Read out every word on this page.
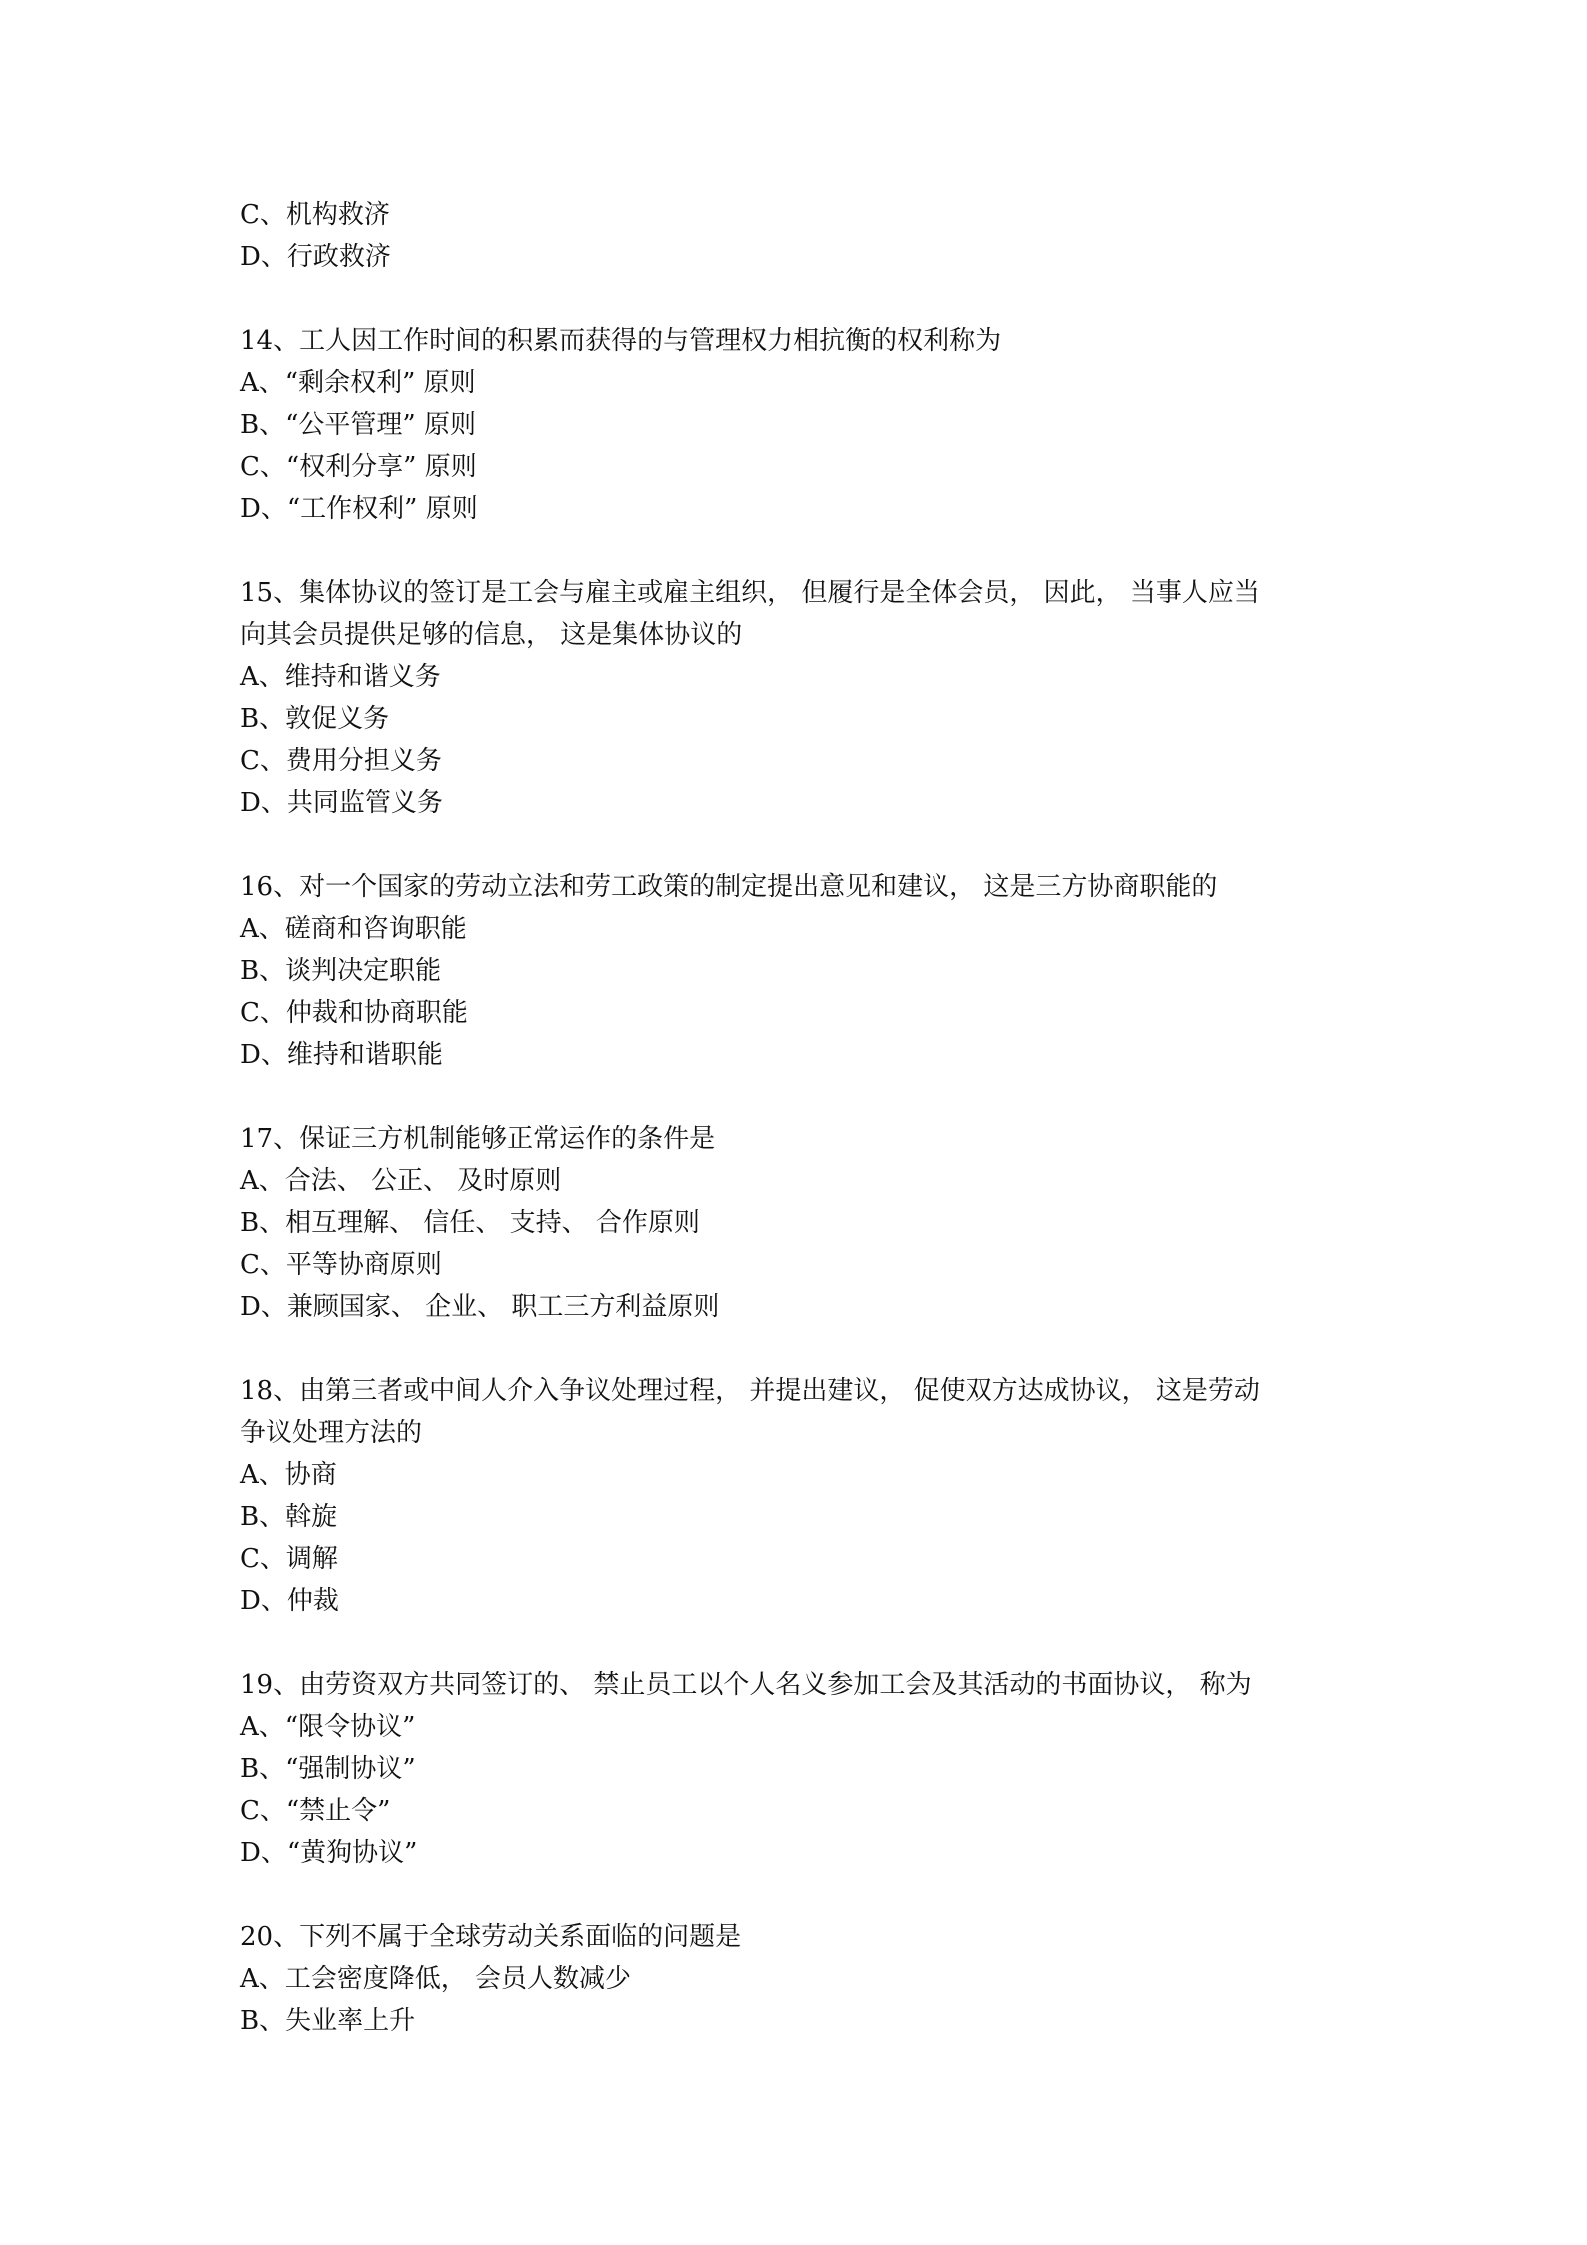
C、机构救济

D、行政救济

14、工人因工作时间的积累而获得的与管理权力相抗衡的权利称为

A、“剩余权利” 原则

B、“公平管理” 原则

C、“权利分享” 原则

D、“工作权利” 原则

15、集体协议的签订是工会与雇主或雇主组织， 但履行是全体会员， 因此， 当事人应当

向其会员提供足够的信息， 这是集体协议的

A、维持和谐义务

B、敦促义务

C、费用分担义务

D、共同监管义务

16、对一个国家的劳动立法和劳工政策的制定提出意见和建议， 这是三方协商职能的

A、磋商和咨询职能

B、谈判决定职能

C、仲裁和协商职能

D、维持和谐职能

17、保证三方机制能够正常运作的条件是

A、合法、 公正、 及时原则

B、相互理解、 信任、 支持、 合作原则

C、平等协商原则

D、兼顾国家、 企业、 职工三方利益原则

18、由第三者或中间人介入争议处理过程， 并提出建议， 促使双方达成协议， 这是劳动

争议处理方法的

A、协商

B、斡旋

C、调解

D、仲裁

19、由劳资双方共同签订的、 禁止员工以个人名义参加工会及其活动的书面协议， 称为

A、“限令协议”

B、“强制协议”

C、“禁止令”

D、“黄狗协议”

20、下列不属于全球劳动关系面临的问题是

A、工会密度降低， 会员人数减少

B、失业率上升
